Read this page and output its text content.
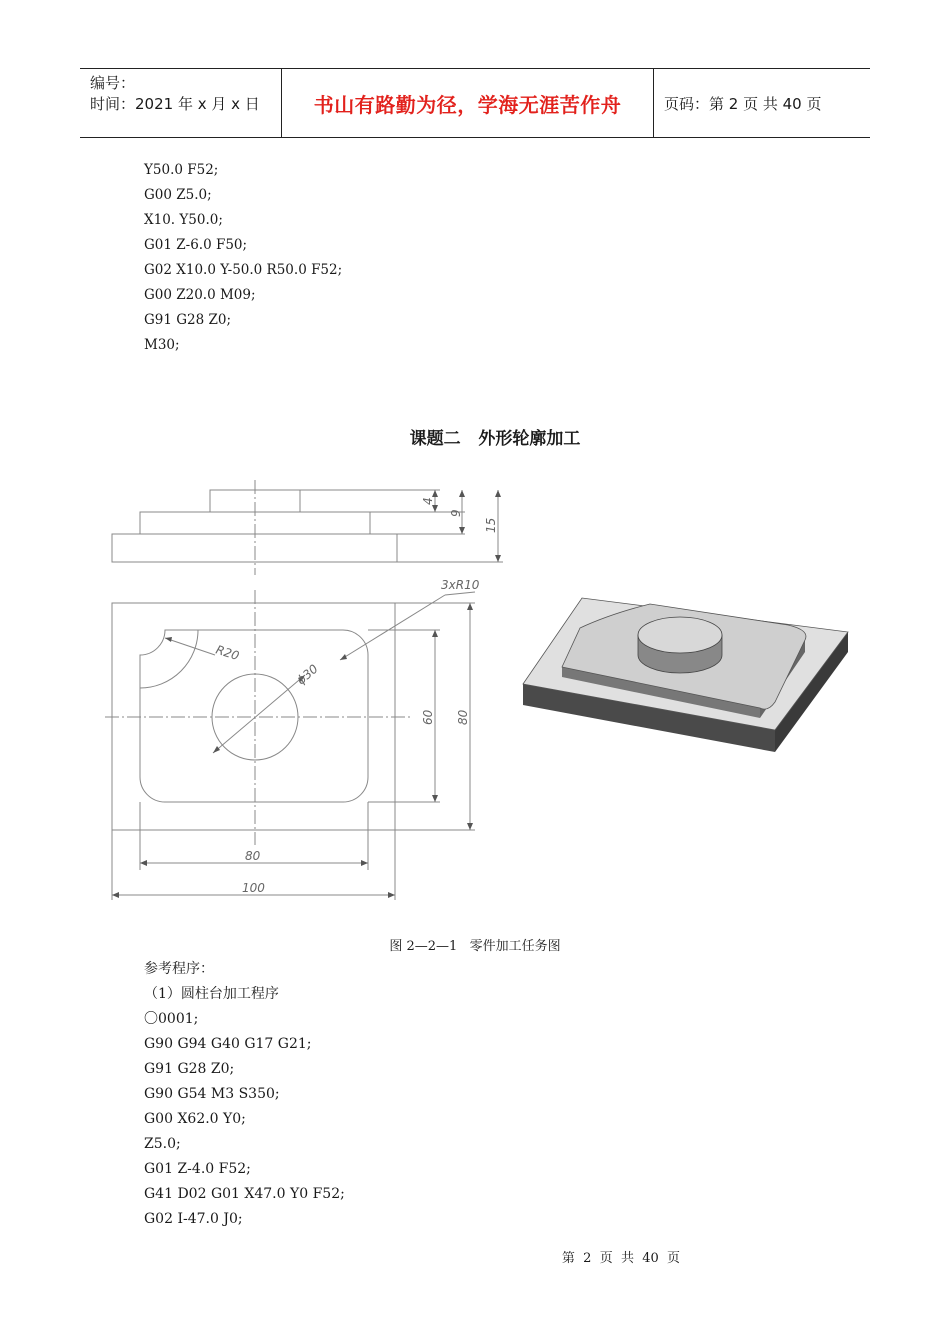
编号：
时间：2021 年 x 月 x 日	书山有路勤为径，学海无涯苦作舟	页码：第 2 页 共 40 页
Y50.0 F52;
G00 Z5.0;
X10. Y50.0;
G01 Z-6.0 F50;
G02 X10.0 Y-50.0 R50.0 F52;
G00 Z20.0 M09;
G91 G28 Z0;
M30;
课题二   外形轮廓加工
4
9
15
3xR10
R20
ϕ30
60 80
80
100
图 2—2—1   零件加工任务图
参考程序：
（1）圆柱台加工程序
〇0001;
G90 G94 G40 G17 G21;
G91 G28 Z0;
G90 G54 M3 S350;
G00 X62.0 Y0;
Z5.0;
G01 Z-4.0 F52;
G41 D02 G01 X47.0 Y0 F52;
G02 I-47.0 J0;
第  2  页  共  40  页
